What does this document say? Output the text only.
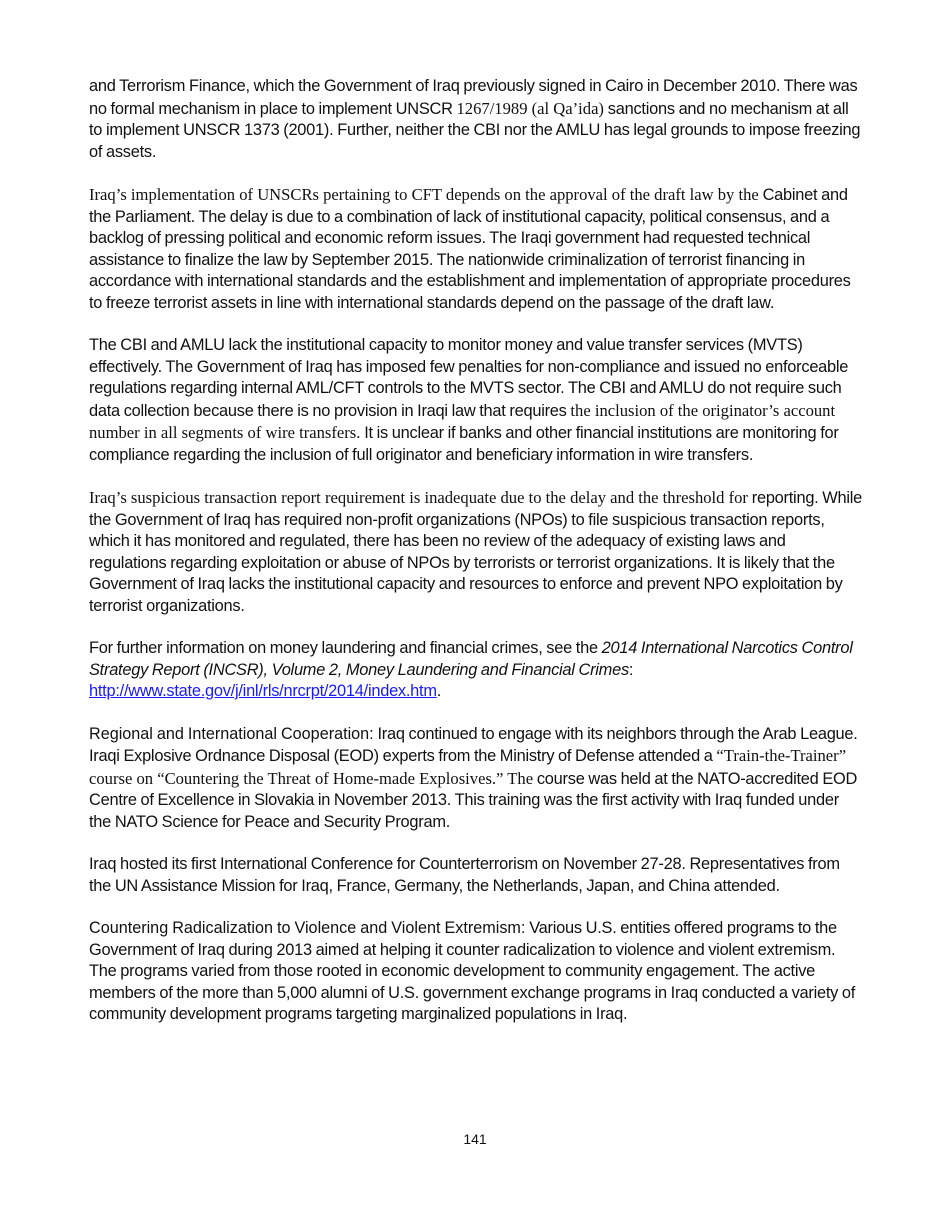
and Terrorism Finance, which the Government of Iraq previously signed in Cairo in December 2010. There was no formal mechanism in place to implement UNSCR 1267/1989 (al Qa’ida) sanctions and no mechanism at all to implement UNSCR 1373 (2001). Further, neither the CBI nor the AMLU has legal grounds to impose freezing of assets.

Iraq’s implementation of UNSCRs pertaining to CFT depends on the approval of the draft law by the Cabinet and the Parliament. The delay is due to a combination of lack of institutional capacity, political consensus, and a backlog of pressing political and economic reform issues. The Iraqi government had requested technical assistance to finalize the law by September 2015. The nationwide criminalization of terrorist financing in accordance with international standards and the establishment and implementation of appropriate procedures to freeze terrorist assets in line with international standards depend on the passage of the draft law.

The CBI and AMLU lack the institutional capacity to monitor money and value transfer services (MVTS) effectively. The Government of Iraq has imposed few penalties for non-compliance and issued no enforceable regulations regarding internal AML/CFT controls to the MVTS sector. The CBI and AMLU do not require such data collection because there is no provision in Iraqi law that requires the inclusion of the originator’s account number in all segments of wire transfers. It is unclear if banks and other financial institutions are monitoring for compliance regarding the inclusion of full originator and beneficiary information in wire transfers.

Iraq’s suspicious transaction report requirement is inadequate due to the delay and the threshold for reporting. While the Government of Iraq has required non-profit organizations (NPOs) to file suspicious transaction reports, which it has monitored and regulated, there has been no review of the adequacy of existing laws and regulations regarding exploitation or abuse of NPOs by terrorists or terrorist organizations. It is likely that the Government of Iraq lacks the institutional capacity and resources to enforce and prevent NPO exploitation by terrorist organizations.

For further information on money laundering and financial crimes, see the 2014 International Narcotics Control Strategy Report (INCSR), Volume 2, Money Laundering and Financial Crimes: http://www.state.gov/j/inl/rls/nrcrpt/2014/index.htm.

Regional and International Cooperation: Iraq continued to engage with its neighbors through the Arab League. Iraqi Explosive Ordnance Disposal (EOD) experts from the Ministry of Defense attended a “Train-the-Trainer” course on “Countering the Threat of Home-made Explosives.” The course was held at the NATO-accredited EOD Centre of Excellence in Slovakia in November 2013. This training was the first activity with Iraq funded under the NATO Science for Peace and Security Program.

Iraq hosted its first International Conference for Counterterrorism on November 27-28. Representatives from the UN Assistance Mission for Iraq, France, Germany, the Netherlands, Japan, and China attended.

Countering Radicalization to Violence and Violent Extremism: Various U.S. entities offered programs to the Government of Iraq during 2013 aimed at helping it counter radicalization to violence and violent extremism. The programs varied from those rooted in economic development to community engagement. The active members of the more than 5,000 alumni of U.S. government exchange programs in Iraq conducted a variety of community development programs targeting marginalized populations in Iraq.

141
